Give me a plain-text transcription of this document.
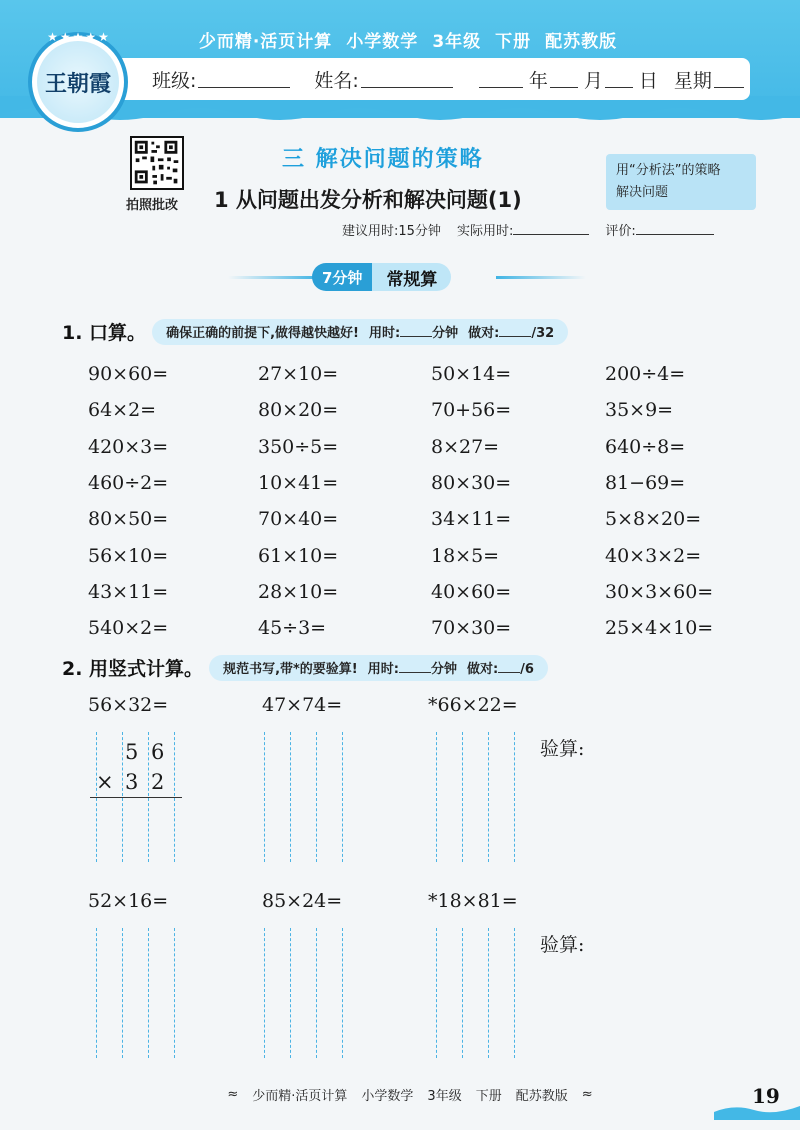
少而精·活页计算 小学数学 3年级 下册 配苏教版
班级:	姓名:	年 月 日 星期
王朝霞
★★★★★
拍照批改
三 解决问题的策略
1 从问题出发分析和解决问题(1)
用“分析法”的策略
解决问题
建议用时:15分钟 实际用时:	评价:
7分钟	常规算
1. 口算。 确保正确的前提下,做得越快越好! 用时: 分钟 做对: /32
90×60=	27×10=	50×14=	200÷4=
64×2=	80×20=	70+56=	35×9=
420×3=	350÷5=	8×27=	640÷8=
460÷2=	10×41=	80×30=	81−69=
80×50=	70×40=	34×11=	5×8×20=
56×10=	61×10=	18×5=	40×3×2=
43×11=	28×10=	40×60=	30×3×60=
540×2=	45÷3=	70×30=	25×4×10=
2. 用竖式计算。 规范书写,带*的要验算! 用时: 分钟 做对: /6
56×32=	47×74=	*66×22=
验算:
52×16=	85×24=	*18×81=
验算:
5 6
× 3 2
≈ 少而精·活页计算 小学数学 3年级 下册 配苏教版 ≈	19
